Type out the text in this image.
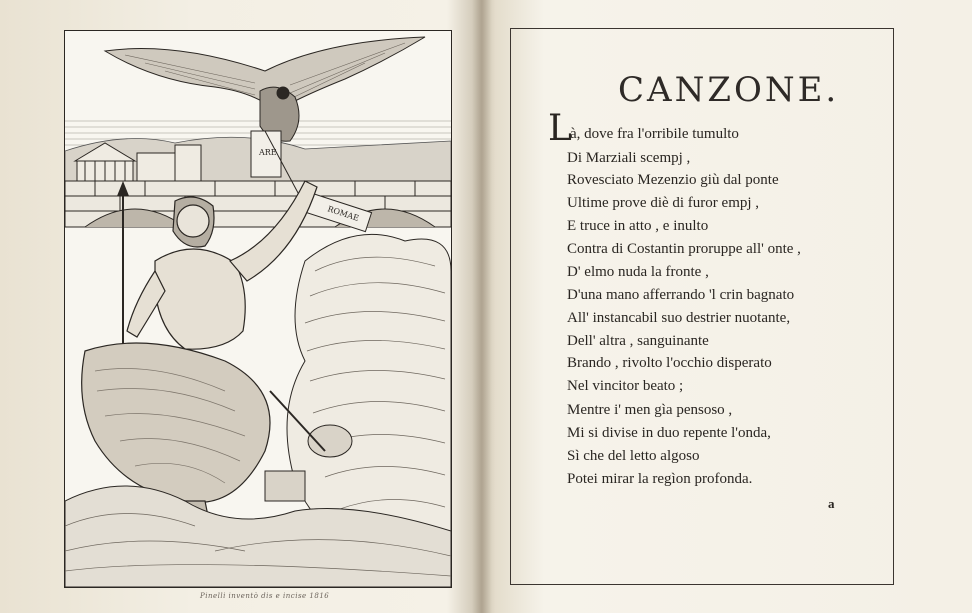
ARE
ROMAE
Pinelli inventò dis e incise 1816
CANZONE.
L
à, dove fra l'orribile tumulto
Di Marziali scempj ,
Rovesciato Mezenzio giù dal ponte
Ultime prove diè di furor empj ,
E truce in atto , e inulto
Contra di Costantin proruppe all' onte ,
D' elmo nuda la fronte ,
D'una mano afferrando 'l crin bagnato
All' instancabil suo destrier nuotante,
Dell' altra , sanguinante
Brando , rivolto l'occhio disperato
Nel vincitor beato ;
Mentre i' men gìa pensoso ,
Mi si divise in duo repente l'onda,
Sì che del letto algoso
Potei mirar la regìon profonda.
a
